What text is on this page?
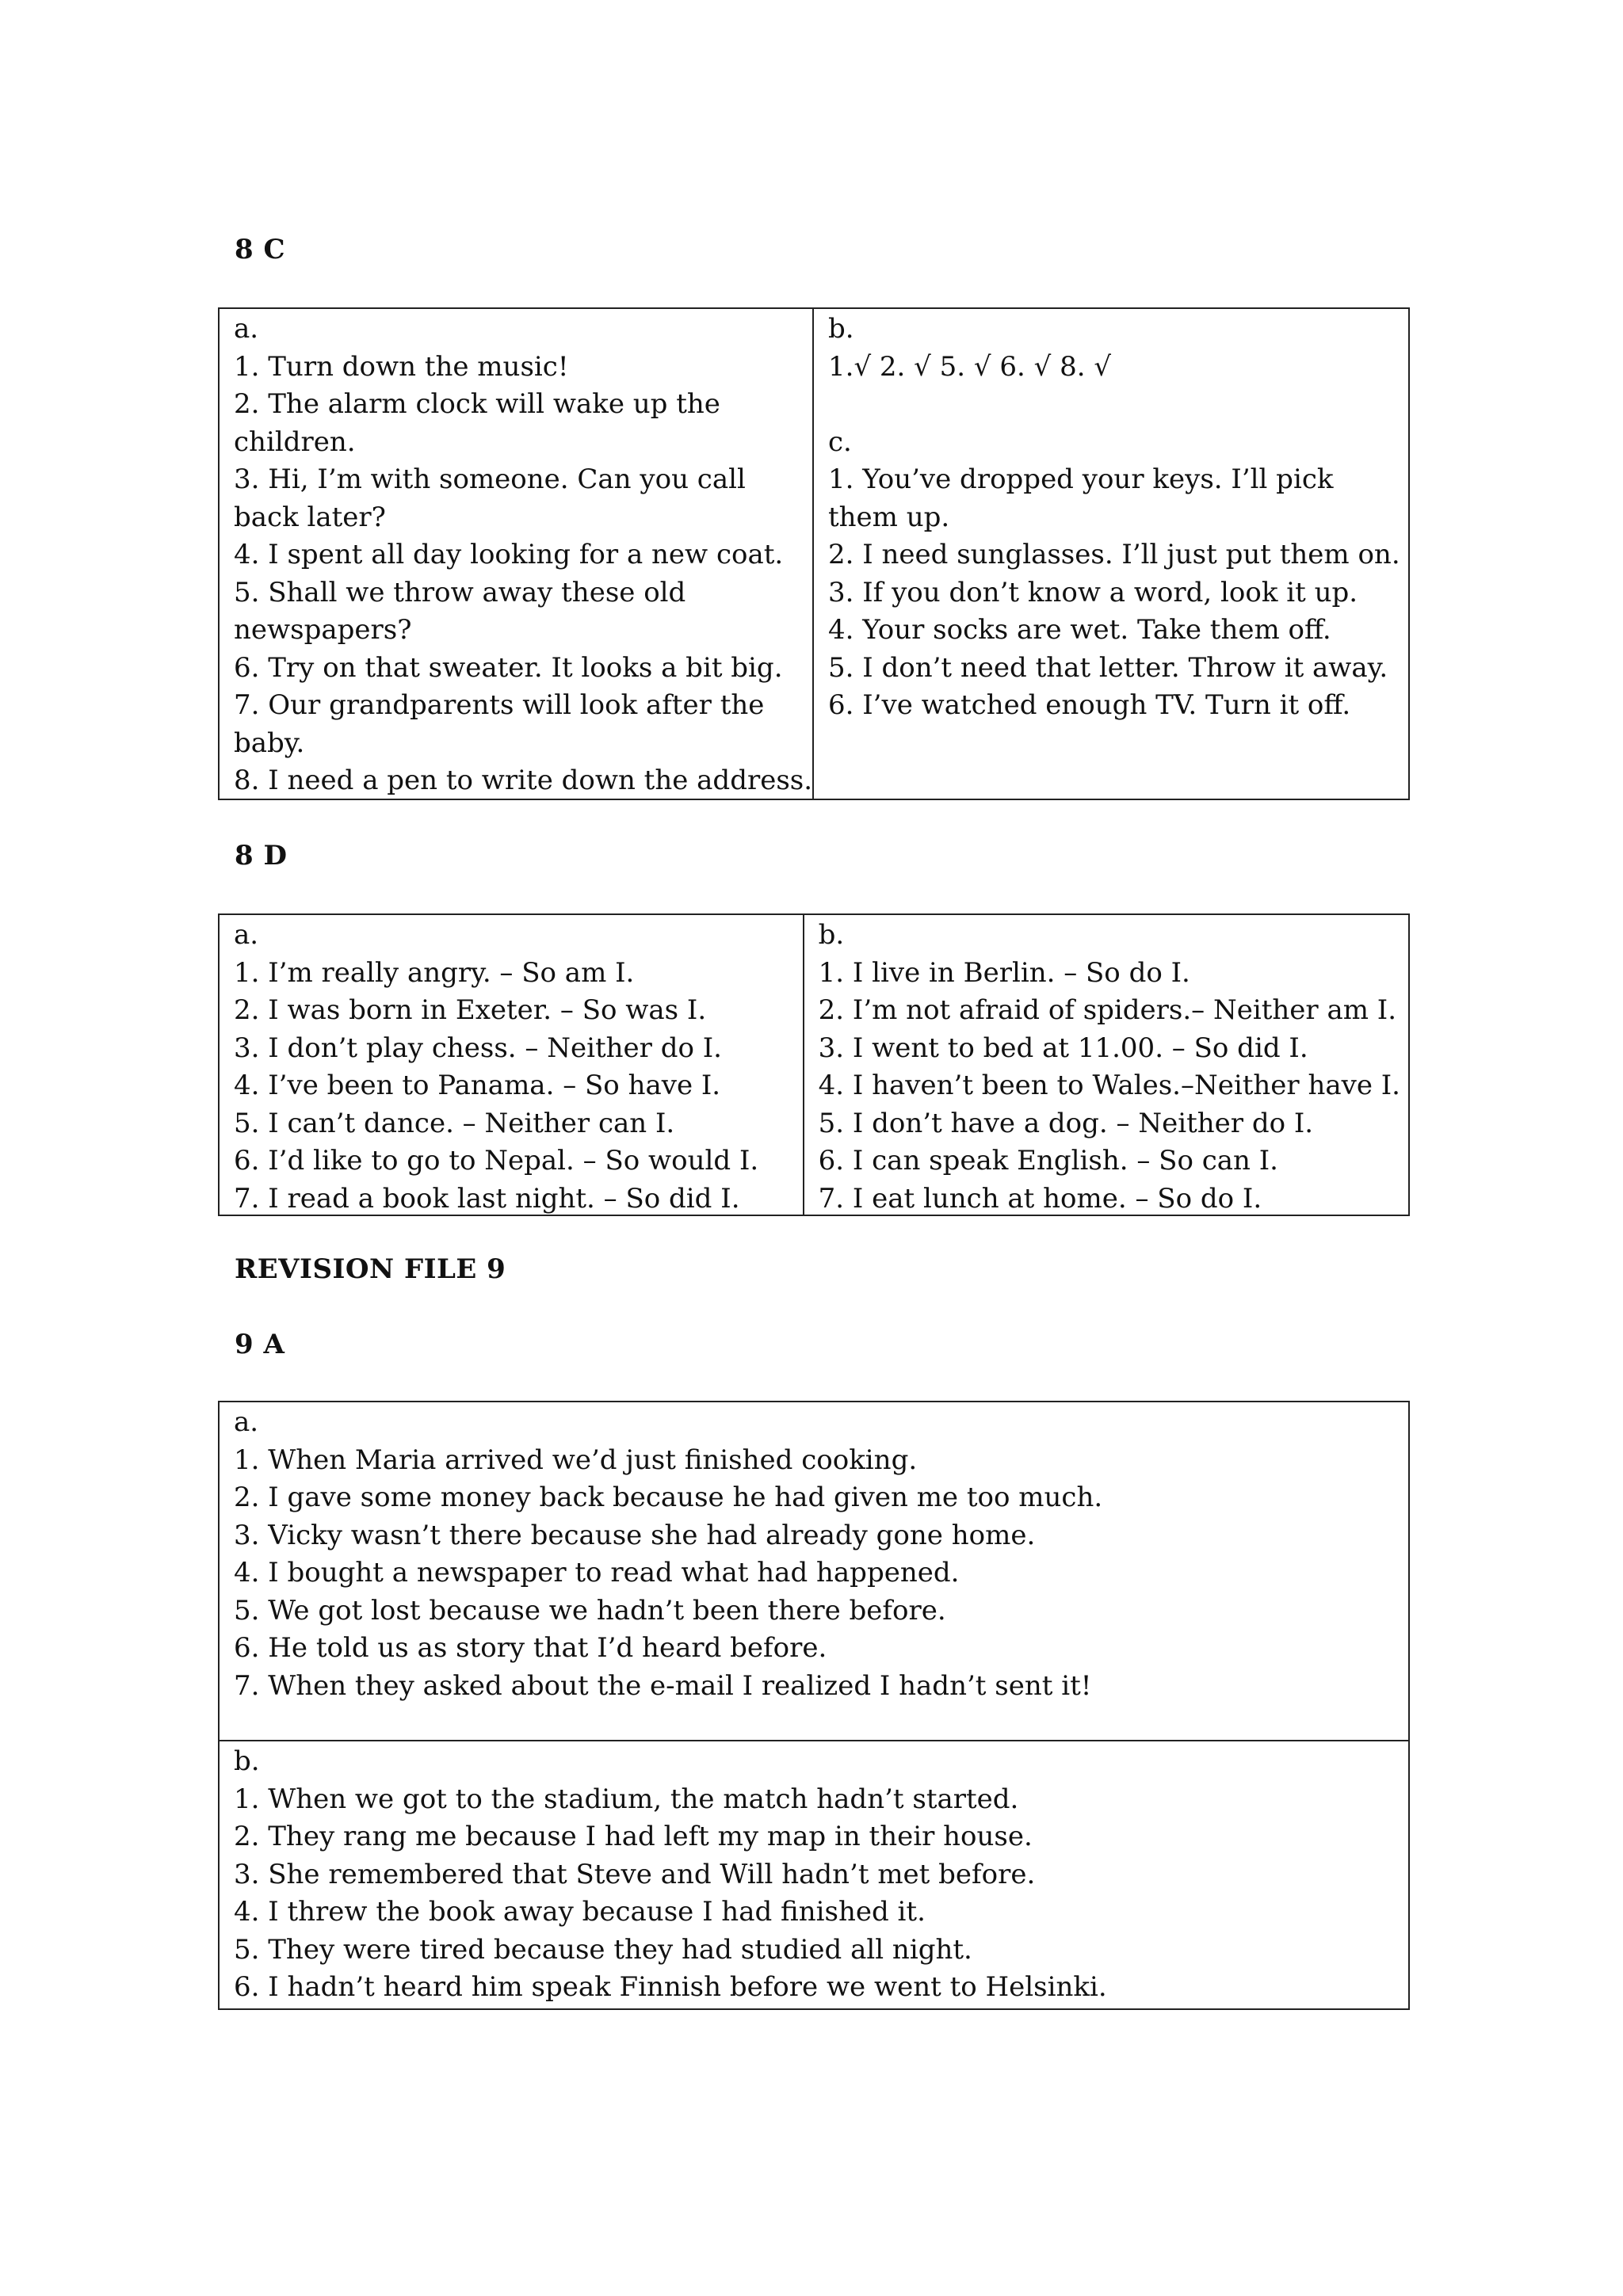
8 C
a.
1. Turn down the music!
2. The alarm clock will wake up the children.
3. Hi, I’m with someone. Can you call back later?
4. I spent all day looking for a new coat.
5. Shall we throw away these old newspapers?
6. Try on that sweater. It looks a bit big.
7. Our grandparents will look after the baby.
8. I need a pen to write down the address.
b.
1.√ 2. √ 5. √ 6. √ 8. √
c.
1. You’ve dropped your keys. I’ll pick them up.
2. I need sunglasses. I’ll just put them on.
3. If you don’t know a word, look it up.
4. Your socks are wet. Take them off.
5. I don’t need that letter. Throw it away.
6. I’ve watched enough TV. Turn it off.
8 D
a.
1. I’m really angry. – So am I.
2. I was born in Exeter. – So was I.
3. I don’t play chess. – Neither do I.
4. I’ve been to Panama. – So have I.
5. I can’t dance. – Neither can I.
6. I’d like to go to Nepal. – So would I.
7. I read a book last night. – So did I.
b.
1. I live in Berlin. – So do I.
2. I’m not afraid of spiders.– Neither am I.
3. I went to bed at 11.00. – So did I.
4. I haven’t been to Wales.–Neither have I.
5. I don’t have a dog. – Neither do I.
6. I can speak English. – So can I.
7. I eat lunch at home. – So do I.
REVISION FILE 9
9 A
a.
1. When Maria arrived we’d just finished cooking.
2. I gave some money back because he had given me too much.
3. Vicky wasn’t there because she had already gone home.
4. I bought a newspaper to read what had happened.
5. We got lost because we hadn’t been there before.
6. He told us as story that I’d heard before.
7. When they asked about the e-mail I realized I hadn’t sent it!
b.
1. When we got to the stadium, the match hadn’t started.
2. They rang me because I had left my map in their house.
3. She remembered that Steve and Will hadn’t met before.
4. I threw the book away because I had finished it.
5. They were tired because they had studied all night.
6. I hadn’t heard him speak Finnish before we went to Helsinki.
